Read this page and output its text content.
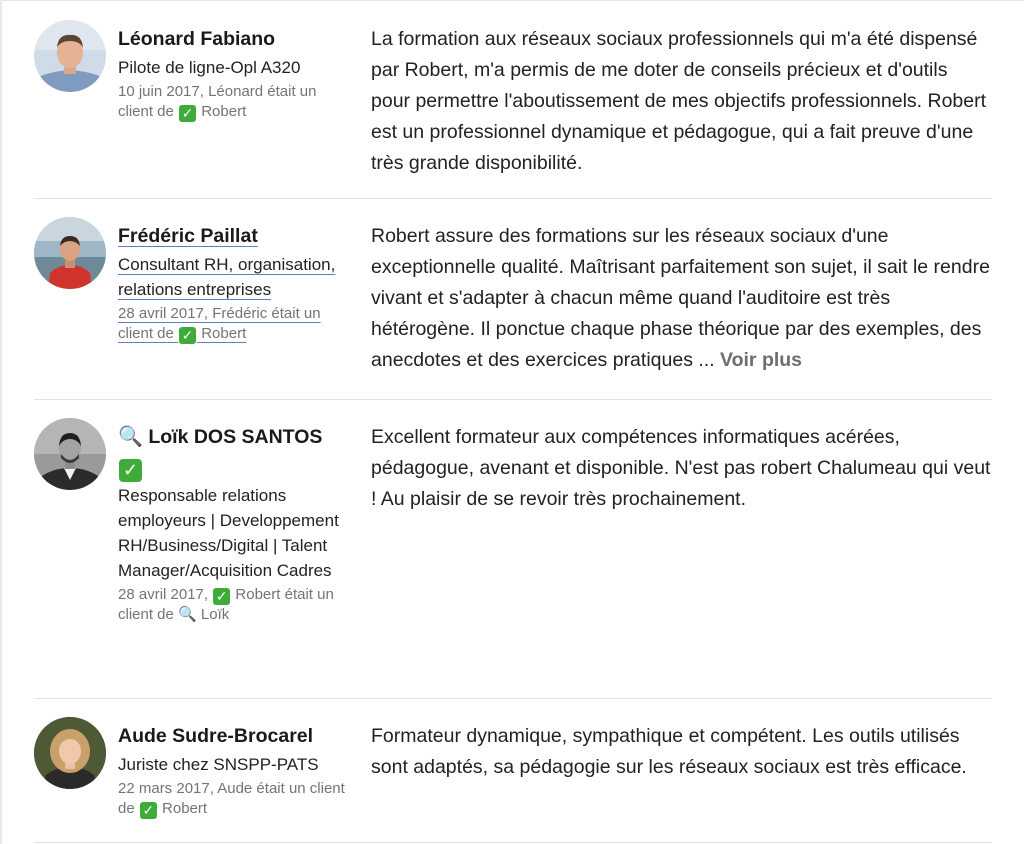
Léonard Fabiano
Pilote de ligne-Opl A320
10 juin 2017, Léonard était un client de ✓ Robert
La formation aux réseaux sociaux professionnels qui m'a été dispensé par Robert, m'a permis de me doter de conseils précieux et d'outils pour permettre l'aboutissement de mes objectifs professionnels. Robert est un professionnel dynamique et pédagogue, qui a fait preuve d'une très grande disponibilité.
Frédéric Paillat
Consultant RH, organisation, relations entreprises
28 avril 2017, Frédéric était un client de ✓ Robert
Robert assure des formations sur les réseaux sociaux d'une exceptionnelle qualité. Maîtrisant parfaitement son sujet, il sait le rendre vivant et s'adapter à chacun même quand l'auditoire est très hétérogène. Il ponctue chaque phase théorique par des exemples, des anecdotes et des exercices pratiques ... Voir plus
🔍 Loïk DOS SANTOS
✓
Responsable relations employeurs | Developpement RH/Business/Digital | Talent Manager/Acquisition Cadres
28 avril 2017, ✓ Robert était un client de 🔍 Loïk
Excellent formateur aux compétences informatiques acérées, pédagogue, avenant et disponible. N'est pas robert Chalumeau qui veut ! Au plaisir de se revoir très prochainement.
Aude Sudre-Brocarel
Juriste chez SNSPP-PATS
22 mars 2017, Aude était un client de ✓ Robert
Formateur dynamique, sympathique et compétent. Les outils utilisés sont adaptés, sa pédagogie sur les réseaux sociaux est très efficace.
